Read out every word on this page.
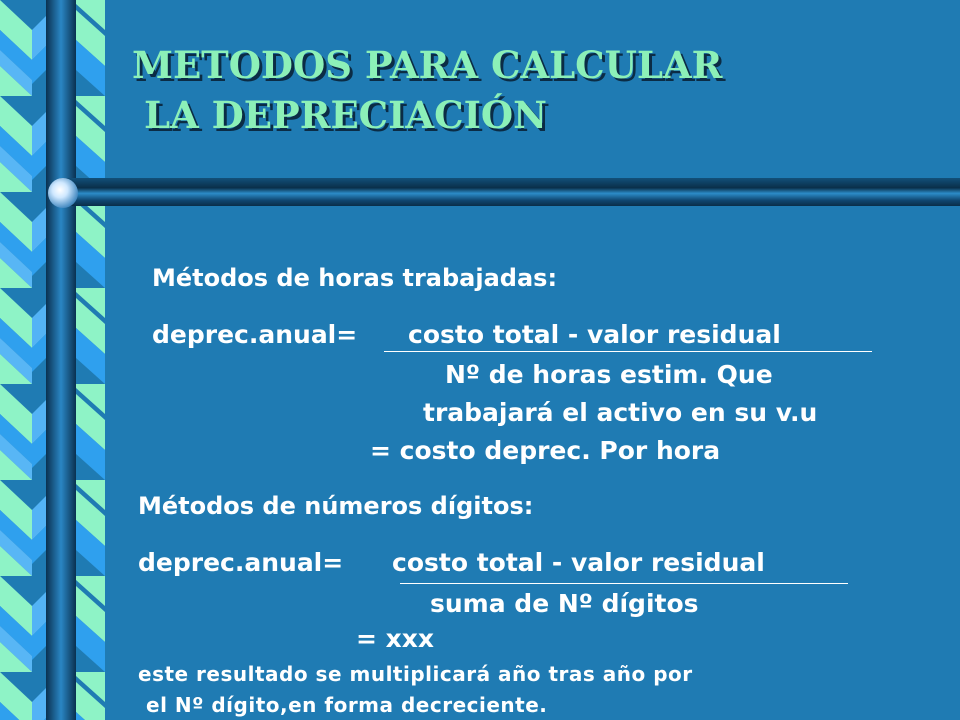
METODOS PARA CALCULAR
LA DEPRECIACIÓN

Métodos de horas trabajadas:

deprec.anual= costo total - valor residual

Nº de horas estim. Que

trabajará el activo en su v.u

= costo deprec. Por hora

Métodos de números dígitos:

deprec.anual= costo total - valor residual

suma de Nº dígitos

= xxx

este resultado se multiplicará año tras año por

el Nº dígito,en forma decreciente.
